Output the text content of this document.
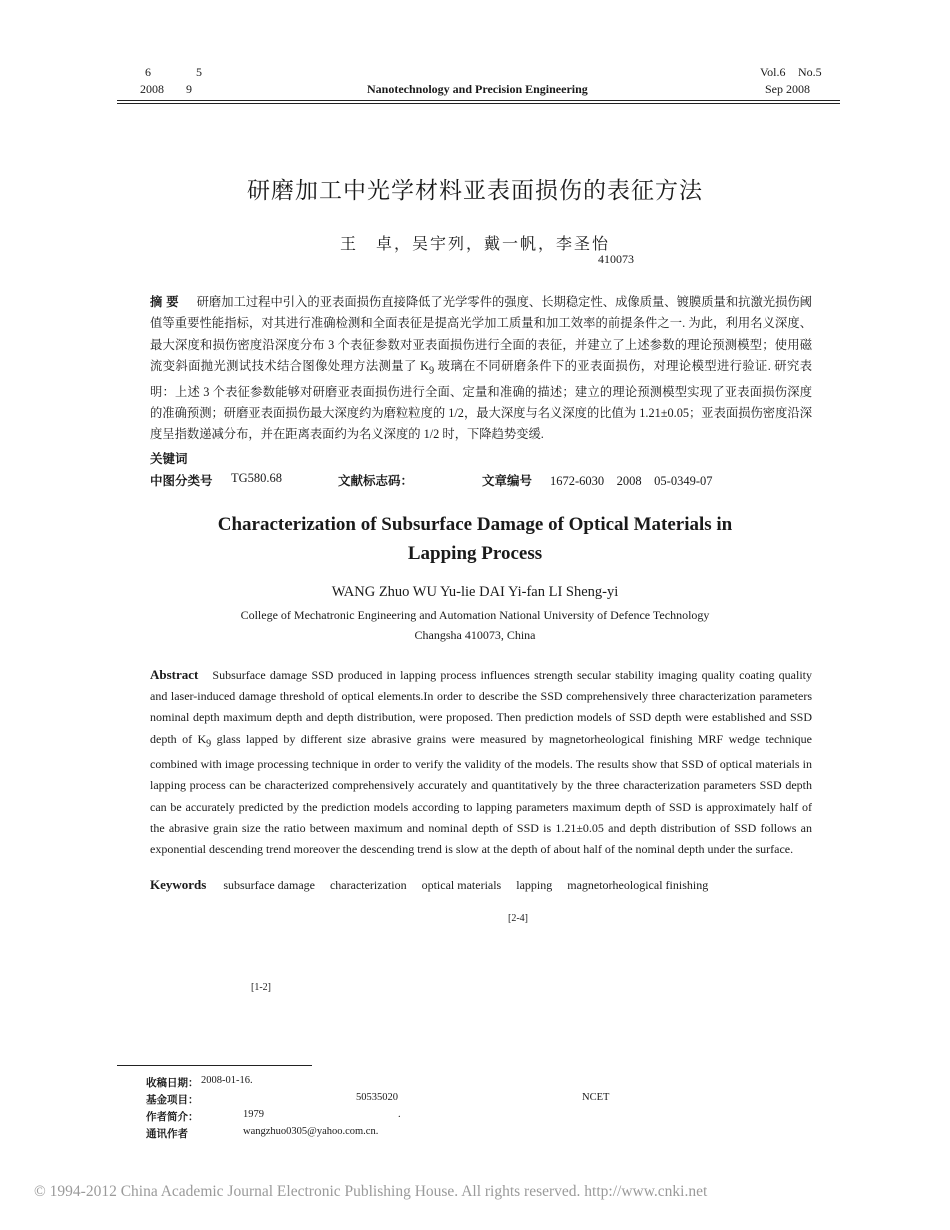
6	5
2008 9	Nanotechnology and Precision Engineering
Vol.6 No.5
Sep 2008
研磨加工中光学材料亚表面损伤的表征方法
王　卓，吴宇列，戴一帆，李圣怡
410073
摘要 研磨加工过程中引入的亚表面损伤直接降低了光学零件的强度、长期稳定性、成像质量、镀膜质量和抗激光损伤阈值等重要性能指标，对其进行准确检测和全面表征是提高光学加工质量和加工效率的前提条件之一. 为此，利用名义深度、最大深度和损伤密度沿深度分布 3 个表征参数对亚表面损伤进行全面的表征，并建立了上述参数的理论预测模型；使用磁流变斜面抛光测试技术结合图像处理方法测量了 $K_9$ 玻璃在不同研磨条件下的亚表面损伤，对理论模型进行验证. 研究表明：上述 3 个表征参数能够对研磨亚表面损伤进行全面、定量和准确的描述；建立的理论预测模型实现了亚表面损伤深度的准确预测；研磨亚表面损伤最大深度约为磨粒粒度的 1/2，最大深度与名义深度的比值为 1.21±0.05；亚表面损伤密度沿深度呈指数递减分布，并在距离表面约为名义深度的 1/2 时，下降趋势变缓.
关键词
中图分类号 TG580.68	文献标志码：	文章编号 1672-6030　2008　05-0349-07
Characterization of Subsurface Damage of Optical Materials in
Lapping Process
WANG Zhuo WU Yu-lie DAI Yi-fan LI Sheng-yi
College of Mechatronic Engineering and Automation National University of Defence Technology
Changsha 410073, China
Abstract Subsurface damage SSD produced in lapping process influences strength secular stability imaging quality coating quality and laser-induced damage threshold of optical elements.In order to describe the SSD comprehensively three characterization parameters nominal depth maximum depth and depth distribution, were proposed. Then prediction models of SSD depth were established and SSD depth of $K_9$ glass lapped by different size abrasive grains were measured by magnetorheological finishing MRF wedge technique combined with image processing technique in order to verify the validity of the models. The results show that SSD of optical materials in lapping process can be characterized comprehensively accurately and quantitatively by the three characterization parameters SSD depth can be accurately predicted by the prediction models according to lapping parameters maximum depth of SSD is approximately half of the abrasive grain size the ratio between maximum and nominal depth of SSD is 1.21±0.05 and depth distribution of SSD follows an exponential descending trend moreover the descending trend is slow at the depth of about half of the nominal depth under the surface.
Keywords subsurface damage characterization optical materials lapping magnetorheological finishing
[2-4]
[1-2]
收稿日期： 2008-01-16.
基金项目：	50535020	NCET
作者简介：	1979	.
通讯作者	wangzhuo0305@yahoo.com.cn.
© 1994-2012 China Academic Journal Electronic Publishing House. All rights reserved. http://www.cnki.net
